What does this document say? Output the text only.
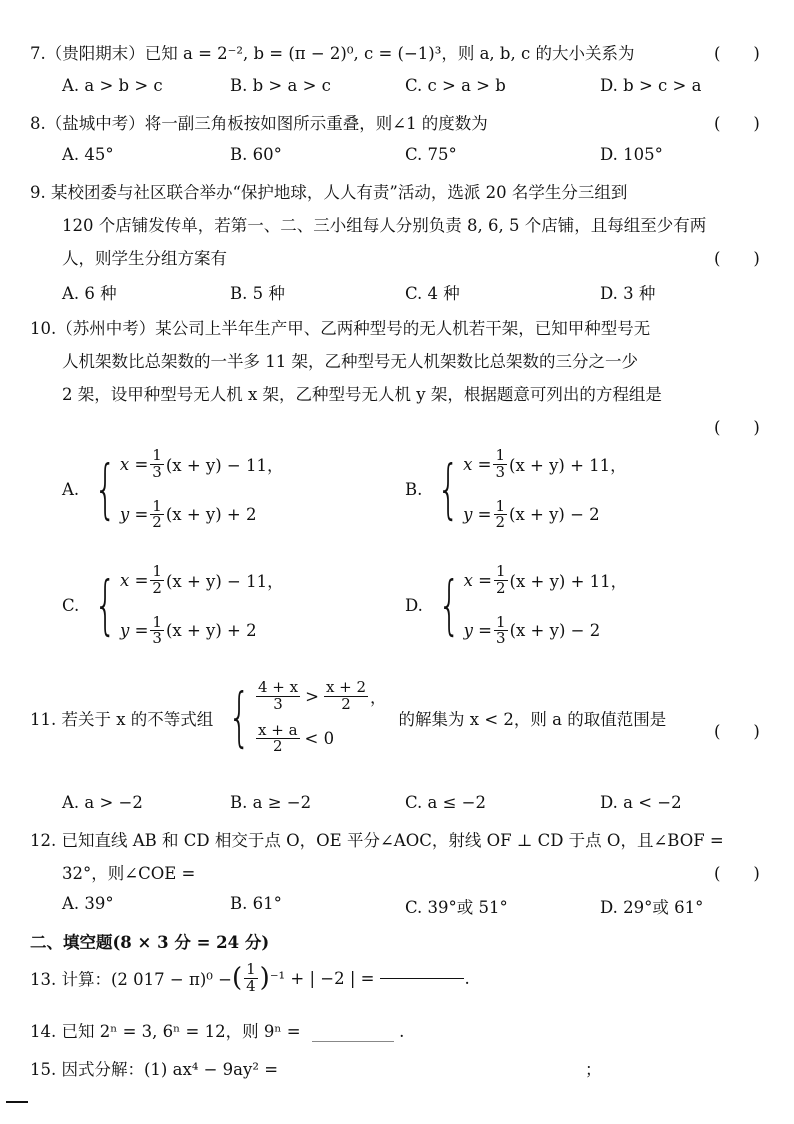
7.（贵阳期末）已知 a = 2⁻², b = (π − 2)⁰, c = (−1)³，则 a, b, c 的大小关系为	(　　)
A. a > b > c	B. b > a > c	C. c > a > b	D. b > c > a
8.（盐城中考）将一副三角板按如图所示重叠，则∠1 的度数为	(　　)
A. 45°	B. 60°	C. 75°	D. 105°
9. 某校团委与社区联合举办“保护地球，人人有责”活动，选派 20 名学生分三组到
120 个店铺发传单，若第一、二、三小组每人分别负责 8, 6, 5 个店铺，且每组至少有两
人，则学生分组方案有	(　　)
A. 6 种	B. 5 种	C. 4 种	D. 3 种
10.（苏州中考）某公司上半年生产甲、乙两种型号的无人机若干架，已知甲种型号无
人机架数比总架数的一半多 11 架，乙种型号无人机架数比总架数的三分之一少
2 架，设甲种型号无人机 x 架，乙种型号无人机 y 架，根据题意可列出的方程组是
(　　)
A. { $x = \frac{1}{3} (x + y) - 11$，
$y = \frac{1}{2} (x + y) + 2$
B. { $x = \frac{1}{3} (x + y) + 11$，
$y = \frac{1}{2} (x + y) - 2$
C. { $x = \frac{1}{2} (x + y) - 11$，
$y = \frac{1}{3} (x + y) + 2$
D. { $x = \frac{1}{2} (x + y) + 11$，
$y = \frac{1}{3} (x + y) - 2$
11. 若关于 x 的不等式组 { $\frac{4 + x}{3} > \frac{x + 2}{2}$ ，
$\frac{x + a}{2} < 0$
的解集为 x < 2，则 a 的取值范围是
(　　)
A. a > −2	B. a ≥ −2	C. a ≤ −2	D. a < −2
12. 已知直线 AB 和 CD 相交于点 O，OE 平分∠AOC，射线 OF ⊥ CD 于点 O，且∠BOF =
32°，则∠COE =	(　　)
A. 39°	B. 61°	C. 39°或 51°	D. 29°或 61°
二、填空题(8 × 3 分 = 24 分)
13. 计算：(2 017 − π)⁰ − ( $\frac{1}{4}$ ) ⁻¹ + | −2 | =	.
14. 已知 2ⁿ = 3, 6ⁿ = 12，则 9ⁿ =	.
15. 因式分解：(1) ax⁴ − 9ay² =	；
